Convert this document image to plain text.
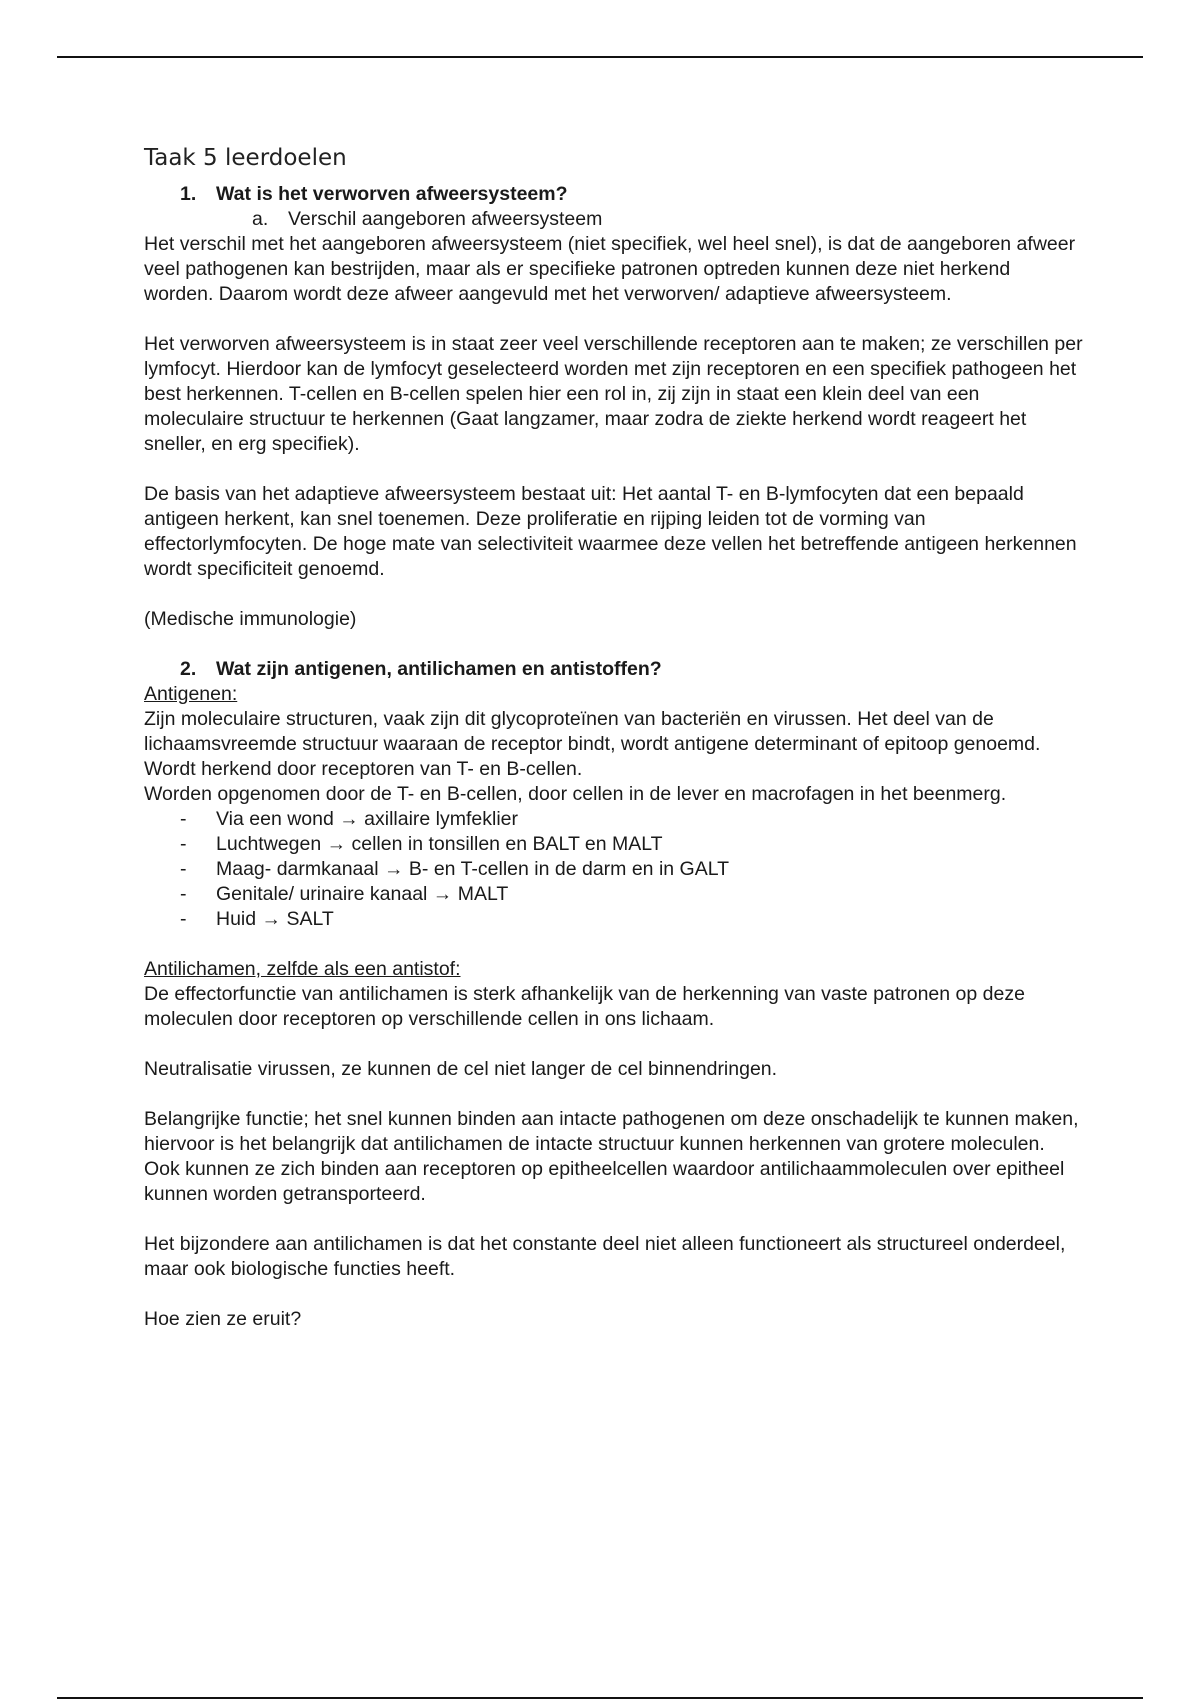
Taak 5 leerdoelen

1. Wat is het verworven afweersysteem?

a. Verschil aangeboren afweersysteem

Het verschil met het aangeboren afweersysteem (niet specifiek, wel heel snel), is dat de aangeboren afweer veel pathogenen kan bestrijden, maar als er specifieke patronen optreden kunnen deze niet herkend worden. Daarom wordt deze afweer aangevuld met het verworven/ adaptieve afweersysteem.

Het verworven afweersysteem is in staat zeer veel verschillende receptoren aan te maken; ze verschillen per lymfocyt. Hierdoor kan de lymfocyt geselecteerd worden met zijn receptoren en een specifiek pathogeen het best herkennen. T-cellen en B-cellen spelen hier een rol in, zij zijn in staat een klein deel van een moleculaire structuur te herkennen (Gaat langzamer, maar zodra de ziekte herkend wordt reageert het sneller, en erg specifiek).

De basis van het adaptieve afweersysteem bestaat uit: Het aantal T- en B-lymfocyten dat een bepaald antigeen herkent, kan snel toenemen. Deze proliferatie en rijping leiden tot de vorming van effectorlymfocyten. De hoge mate van selectiviteit waarmee deze vellen het betreffende antigeen herkennen wordt specificiteit genoemd.

(Medische immunologie)

2. Wat zijn antigenen, antilichamen en antistoffen?

Antigenen:

Zijn moleculaire structuren, vaak zijn dit glycoproteïnen van bacteriën en virussen. Het deel van de lichaamsvreemde structuur waaraan de receptor bindt, wordt antigene determinant of epitoop genoemd. Wordt herkend door receptoren van T- en B-cellen.

Worden opgenomen door de T- en B-cellen, door cellen in de lever en macrofagen in het beenmerg.

- Via een wond → axillaire lymfeklier
- Luchtwegen → cellen in tonsillen en BALT en MALT
- Maag- darmkanaal → B- en T-cellen in de darm en in GALT
- Genitale/ urinaire kanaal → MALT
- Huid → SALT

Antilichamen, zelfde als een antistof:

De effectorfunctie van antilichamen is sterk afhankelijk van de herkenning van vaste patronen op deze moleculen door receptoren op verschillende cellen in ons lichaam.

Neutralisatie virussen, ze kunnen de cel niet langer de cel binnendringen.

Belangrijke functie; het snel kunnen binden aan intacte pathogenen om deze onschadelijk te kunnen maken, hiervoor is het belangrijk dat antilichamen de intacte structuur kunnen herkennen van grotere moleculen. Ook kunnen ze zich binden aan receptoren op epitheelcellen waardoor antilichaammoleculen over epitheel kunnen worden getransporteerd.

Het bijzondere aan antilichamen is dat het constante deel niet alleen functioneert als structureel onderdeel, maar ook biologische functies heeft.

Hoe zien ze eruit?
